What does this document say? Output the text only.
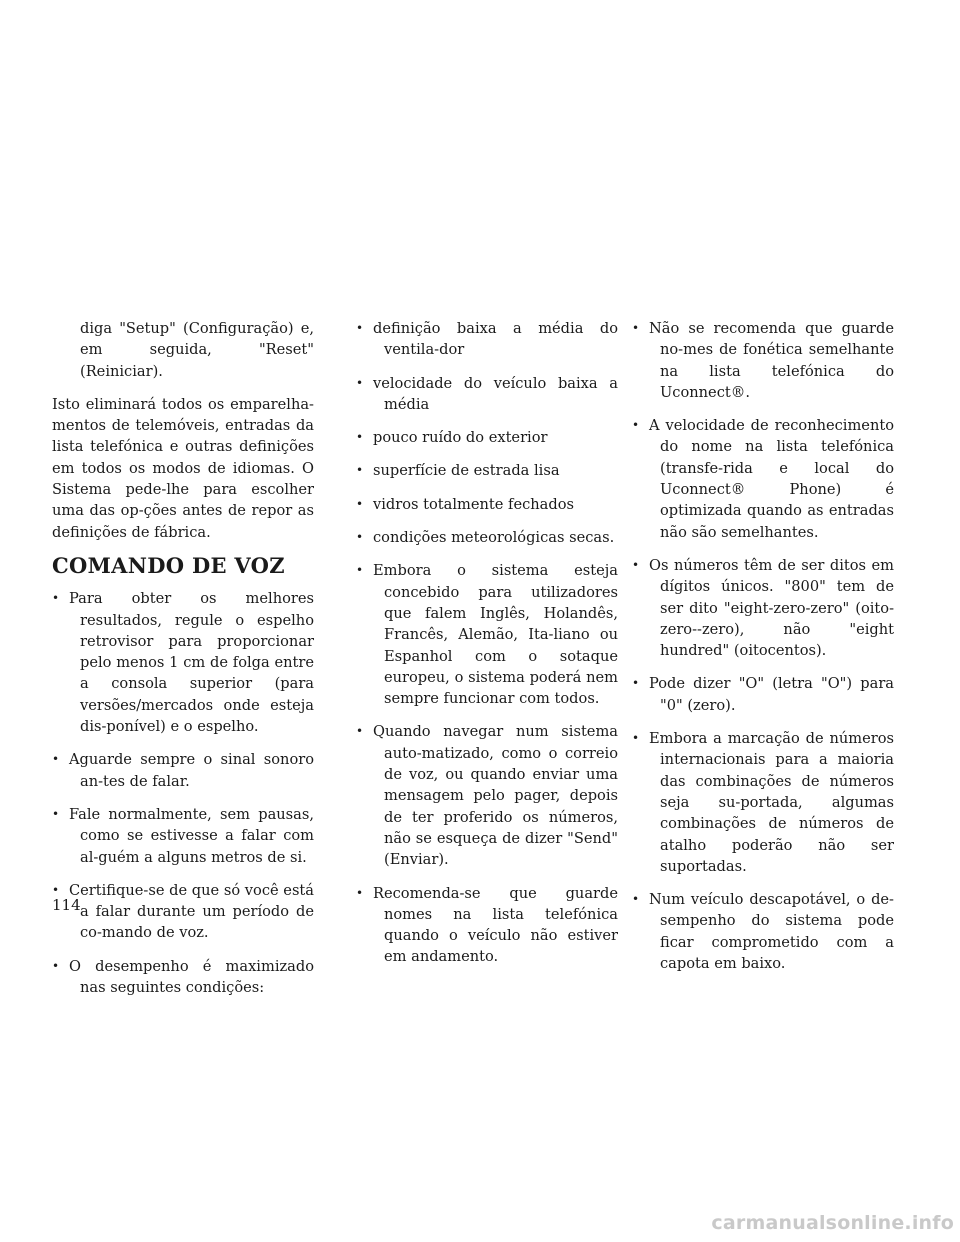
diga "Setup" (Configuração) e, em seguida, "Reset" (Reiniciar).

Isto eliminará todos os emparelha-mentos de telemóveis, entradas da lista telefónica e outras definições em todos os modos de idiomas. O Sistema pede-lhe para escolher uma das op-ções antes de repor as definições de fábrica.

COMANDO DE VOZ
• Para obter os melhores resultados, regule o espelho retrovisor para proporcionar pelo menos 1 cm de folga entre a consola superior (para versões/mercados onde esteja dis-ponível) e o espelho.
• Aguarde sempre o sinal sonoro an-tes de falar.
• Fale normalmente, sem pausas, como se estivesse a falar com al-guém a alguns metros de si.
• Certifique-se de que só você está a falar durante um período de co-mando de voz.
• O desempenho é maximizado nas seguintes condições:
• definição baixa a média do ventila-dor
• velocidade do veículo baixa a média
• pouco ruído do exterior
• superfície de estrada lisa
• vidros totalmente fechados
• condições meteorológicas secas.
• Embora o sistema esteja concebido para utilizadores que falem Inglês, Holandês, Francês, Alemão, Ita-liano ou Espanhol com o sotaque europeu, o sistema poderá nem sempre funcionar com todos.
• Quando navegar num sistema auto-matizado, como o correio de voz, ou quando enviar uma mensagem pelo pager, depois de ter proferido os números, não se esqueça de dizer "Send" (Enviar).
• Recomenda-se que guarde nomes na lista telefónica quando o veículo não estiver em andamento.
• Não se recomenda que guarde no-mes de fonética semelhante na lista telefónica do Uconnect®.
• A velocidade de reconhecimento do nome na lista telefónica (transfe-rida e local do Uconnect® Phone) é optimizada quando as entradas não são semelhantes.
• Os números têm de ser ditos em dígitos únicos. "800" tem de ser dito "eight-zero-zero" (oito-zero--zero), não "eight hundred" (oitocentos).
• Pode dizer "O" (letra "O") para "0" (zero).
• Embora a marcação de números internacionais para a maioria das combinações de números seja su-portada, algumas combinações de números de atalho poderão não ser suportadas.
• Num veículo descapotável, o de-sempenho do sistema pode ficar comprometido com a capota em baixo.
114
carmanualsonline.info
